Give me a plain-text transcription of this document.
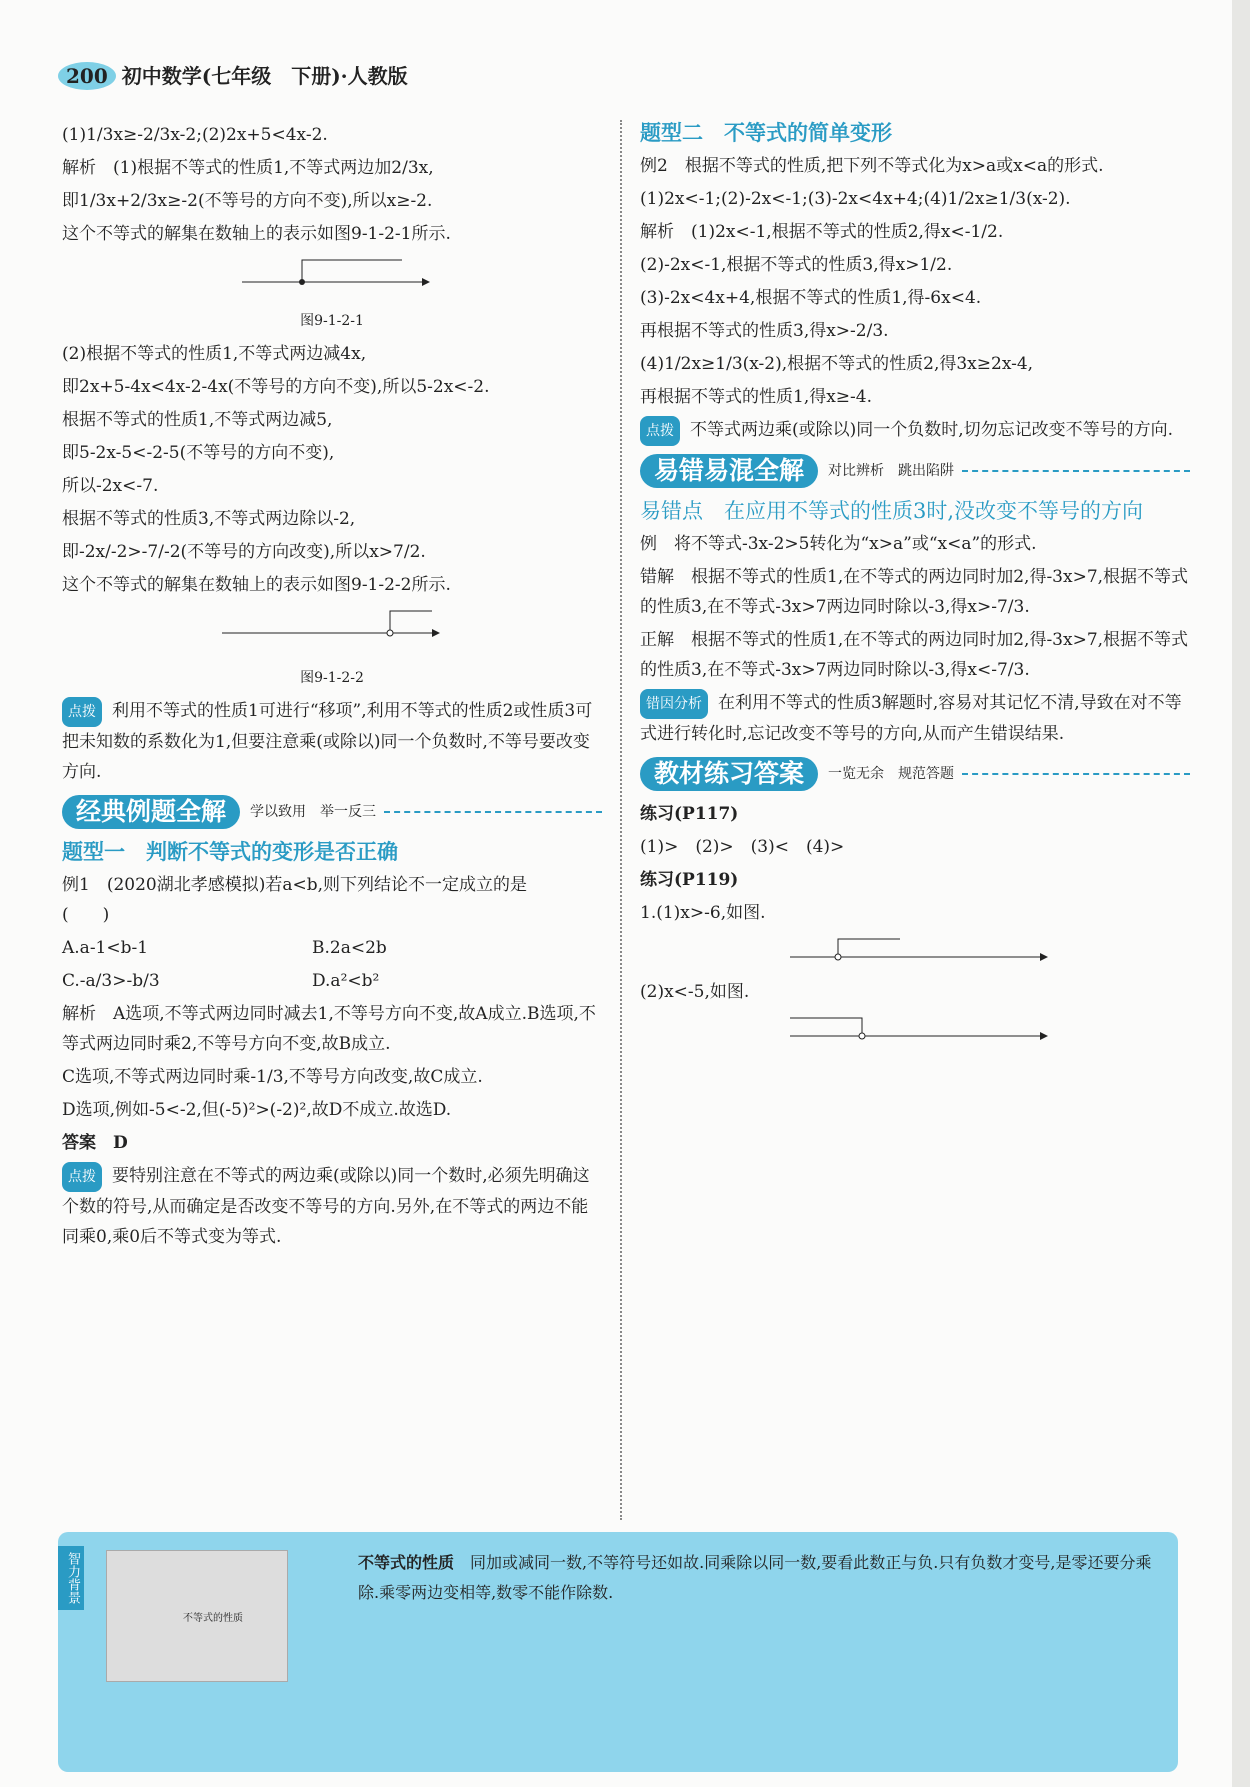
200 初中数学(七年级　下册)·人教版

(1)1/3x≥-2/3x-2;(2)2x+5<4x-2.

解析　(1)根据不等式的性质1,不等式两边加2/3x,

即1/3x+2/3x≥-2(不等号的方向不变),所以x≥-2.

这个不等式的解集在数轴上的表示如图9-1-2-1所示.

图9-1-2-1

(2)根据不等式的性质1,不等式两边减4x,

即2x+5-4x<4x-2-4x(不等号的方向不变),所以5-2x<-2.

根据不等式的性质1,不等式两边减5,

即5-2x-5<-2-5(不等号的方向不变),

所以-2x<-7.

根据不等式的性质3,不等式两边除以-2,

即-2x/-2>-7/-2(不等号的方向改变),所以x>7/2.

这个不等式的解集在数轴上的表示如图9-1-2-2所示.

图9-1-2-2

点拨 利用不等式的性质1可进行“移项”,利用不等式的性质2或性质3可把未知数的系数化为1,但要注意乘(或除以)同一个负数时,不等号要改变方向.

经典例题全解	学以致用　举一反三

题型一　判断不等式的变形是否正确

例1　(2020湖北孝感模拟)若a<b,则下列结论不一定成立的是　　　　(　　)

A.a-1<b-1	B.2a<2b

C.-a/3>-b/3	D.a²<b²

解析　A选项,不等式两边同时减去1,不等号方向不变,故A成立.B选项,不等式两边同时乘2,不等号方向不变,故B成立.

C选项,不等式两边同时乘-1/3,不等号方向改变,故C成立.

D选项,例如-5<-2,但(-5)²>(-2)²,故D不成立.故选D.

答案　D

点拨 要特别注意在不等式的两边乘(或除以)同一个数时,必须先明确这个数的符号,从而确定是否改变不等号的方向.另外,在不等式的两边不能同乘0,乘0后不等式变为等式.

题型二　不等式的简单变形

例2　根据不等式的性质,把下列不等式化为x>a或x<a的形式.

(1)2x<-1;(2)-2x<-1;(3)-2x<4x+4;(4)1/2x≥1/3(x-2).

解析　(1)2x<-1,根据不等式的性质2,得x<-1/2.

(2)-2x<-1,根据不等式的性质3,得x>1/2.

(3)-2x<4x+4,根据不等式的性质1,得-6x<4.

再根据不等式的性质3,得x>-2/3.

(4)1/2x≥1/3(x-2),根据不等式的性质2,得3x≥2x-4,

再根据不等式的性质1,得x≥-4.

点拨 不等式两边乘(或除以)同一个负数时,切勿忘记改变不等号的方向.

易错易混全解	对比辨析　跳出陷阱

易错点　在应用不等式的性质3时,没改变不等号的方向

例　将不等式-3x-2>5转化为“x>a”或“x<a”的形式.

错解　根据不等式的性质1,在不等式的两边同时加2,得-3x>7,根据不等式的性质3,在不等式-3x>7两边同时除以-3,得x>-7/3.

正解　根据不等式的性质1,在不等式的两边同时加2,得-3x>7,根据不等式的性质3,在不等式-3x>7两边同时除以-3,得x<-7/3.

错因分析 在利用不等式的性质3解题时,容易对其记忆不清,导致在对不等式进行转化时,忘记改变不等号的方向,从而产生错误结果.

教材练习答案	一览无余　规范答题

练习(P117)

(1)>　(2)>　(3)<　(4)>

练习(P119)

1.(1)x>-6,如图.

(2)x<-5,如图.

智力背景
不等式的性质
不等式的性质　 同加或减同一数,不等符号还如故.同乘除以同一数,要看此数正与负.只有负数才变号,是零还要分乘除.乘零两边变相等,数零不能作除数.
